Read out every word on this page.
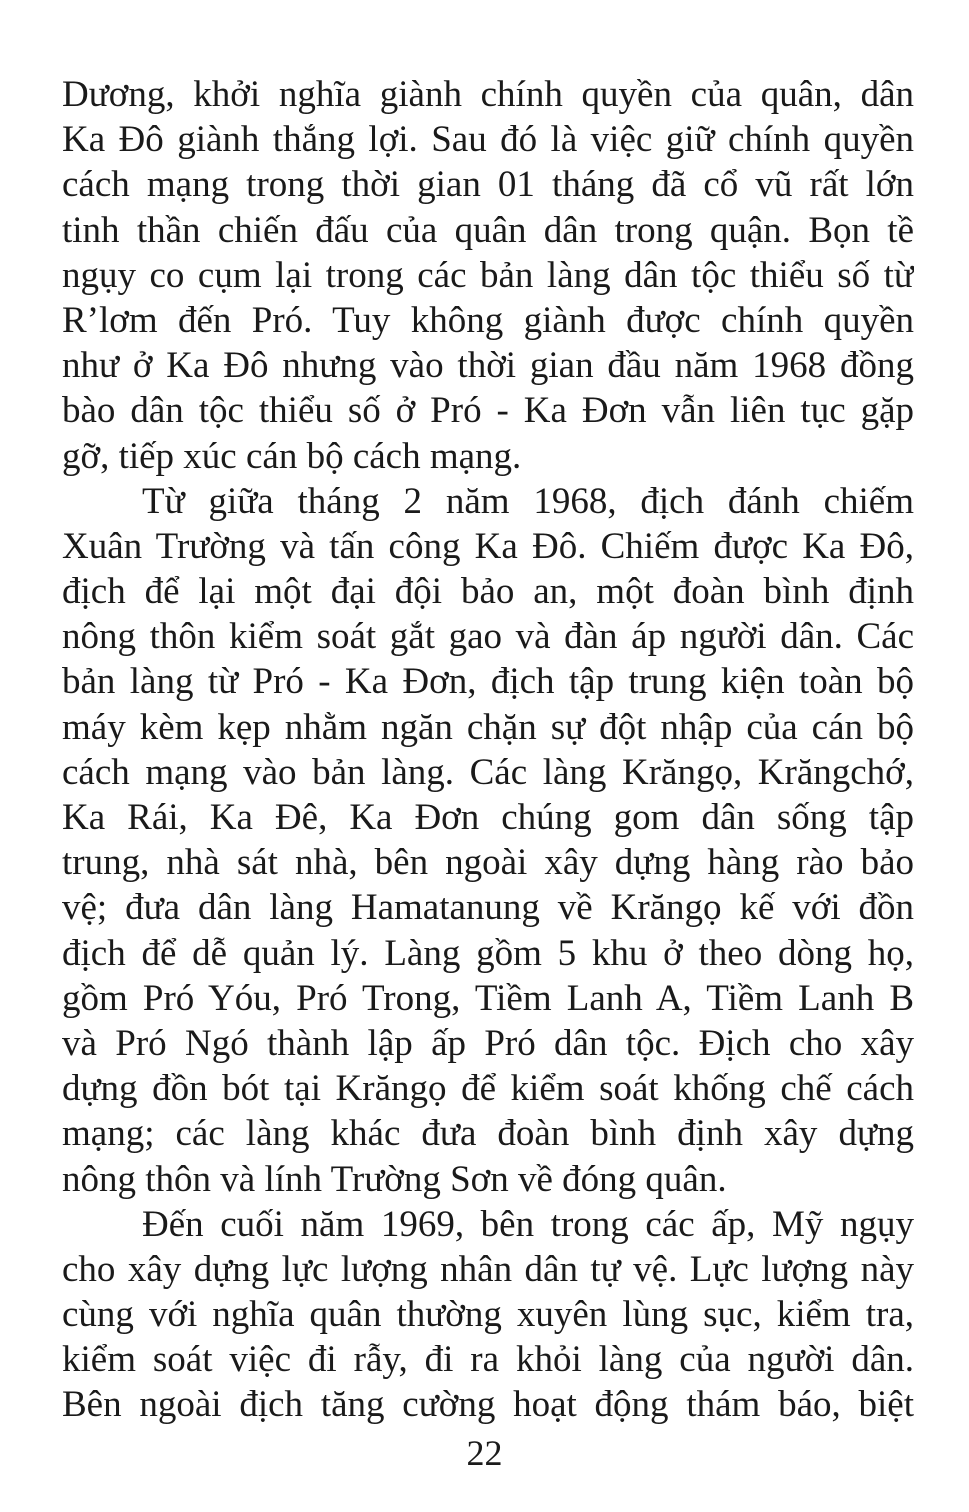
Dương, khởi nghĩa giành chính quyền của quân, dân
Ka Đô giành thắng lợi. Sau đó là việc giữ chính quyền
cách mạng trong thời gian 01 tháng đã cổ vũ rất lớn
tinh thần chiến đấu của quân dân trong quận. Bọn tề
ngụy co cụm lại trong các bản làng dân tộc thiểu số từ
R’lơm đến Pró. Tuy không giành được chính quyền
như ở Ka Đô nhưng vào thời gian đầu năm 1968 đồng
bào dân tộc thiểu số ở Pró - Ka Đơn vẫn liên tục gặp
gỡ, tiếp xúc cán bộ cách mạng.
Từ giữa tháng 2 năm 1968, địch đánh chiếm
Xuân Trường và tấn công Ka Đô. Chiếm được Ka Đô,
địch để lại một đại đội bảo an, một đoàn bình định
nông thôn kiểm soát gắt gao và đàn áp người dân. Các
bản làng từ Pró - Ka Đơn, địch tập trung kiện toàn bộ
máy kèm kẹp nhằm ngăn chặn sự đột nhập của cán bộ
cách mạng vào bản làng. Các làng Krăngọ, Krăngchớ,
Ka Rái, Ka Đê, Ka Đơn chúng gom dân sống tập
trung, nhà sát nhà, bên ngoài xây dựng hàng rào bảo
vệ; đưa dân làng Hamatanung về Krăngọ kế với đồn
địch để dễ quản lý. Làng gồm 5 khu ở theo dòng họ,
gồm Pró Yóu, Pró Trong, Tiềm Lanh A, Tiềm Lanh B
và Pró Ngó thành lập ấp Pró dân tộc. Địch cho xây
dựng đồn bót tại Krăngọ để kiểm soát khống chế cách
mạng; các làng khác đưa đoàn bình định xây dựng
nông thôn và lính Trường Sơn về đóng quân.
Đến cuối năm 1969, bên trong các ấp, Mỹ ngụy
cho xây dựng lực lượng nhân dân tự vệ. Lực lượng này
cùng với nghĩa quân thường xuyên lùng sục, kiểm tra,
kiểm soát việc đi rẫy, đi ra khỏi làng của người dân.
Bên ngoài địch tăng cường hoạt động thám báo, biệt
22
